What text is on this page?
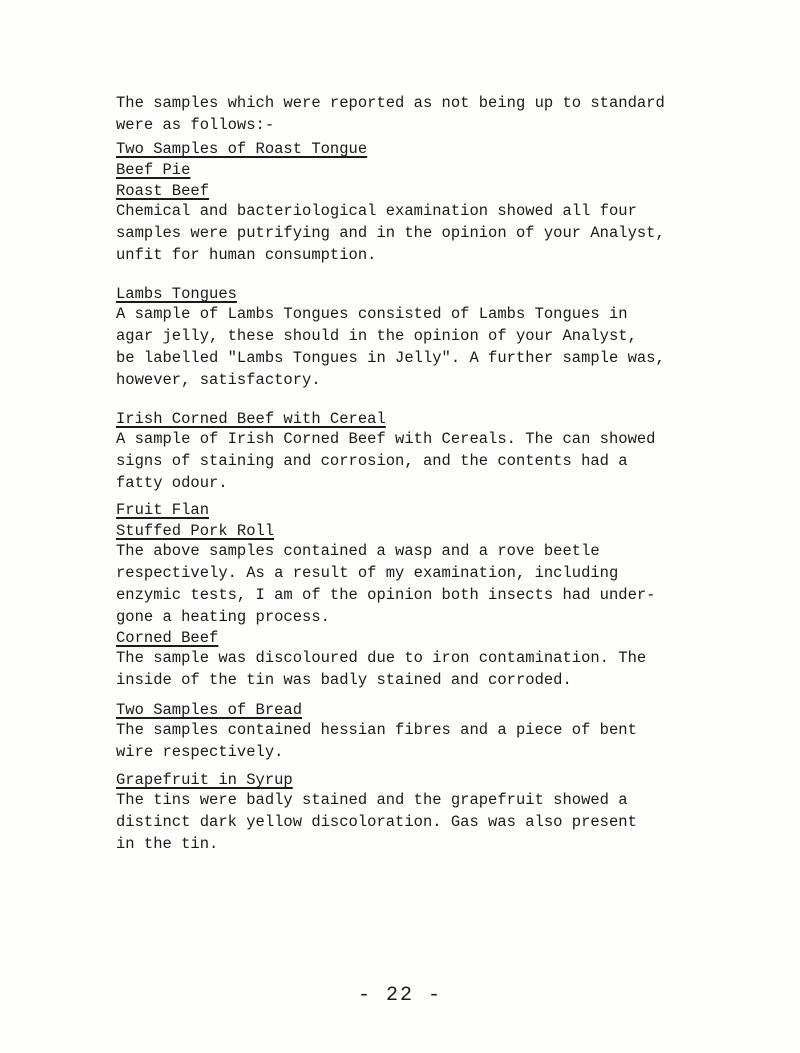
The samples which were reported as not being up to standard
were as follows:-
Two Samples of Roast Tongue
Beef Pie
Roast Beef
Chemical and bacteriological examination showed all four
samples were putrifying and in the opinion of your Analyst,
unfit for human consumption.
Lambs Tongues
A sample of Lambs Tongues consisted of Lambs Tongues in
agar jelly, these should in the opinion of your Analyst,
be labelled "Lambs Tongues in Jelly". A further sample was,
however, satisfactory.
Irish Corned Beef with Cereal
A sample of Irish Corned Beef with Cereals. The can showed
signs of staining and corrosion, and the contents had a
fatty odour.
Fruit Flan
Stuffed Pork Roll
The above samples contained a wasp and a rove beetle
respectively. As a result of my examination, including
enzymic tests, I am of the opinion both insects had under-
gone a heating process.
Corned Beef
The sample was discoloured due to iron contamination. The
inside of the tin was badly stained and corroded.
Two Samples of Bread
The samples contained hessian fibres and a piece of bent
wire respectively.
Grapefruit in Syrup
The tins were badly stained and the grapefruit showed a
distinct dark yellow discoloration. Gas was also present
in the tin.
- 22 -
